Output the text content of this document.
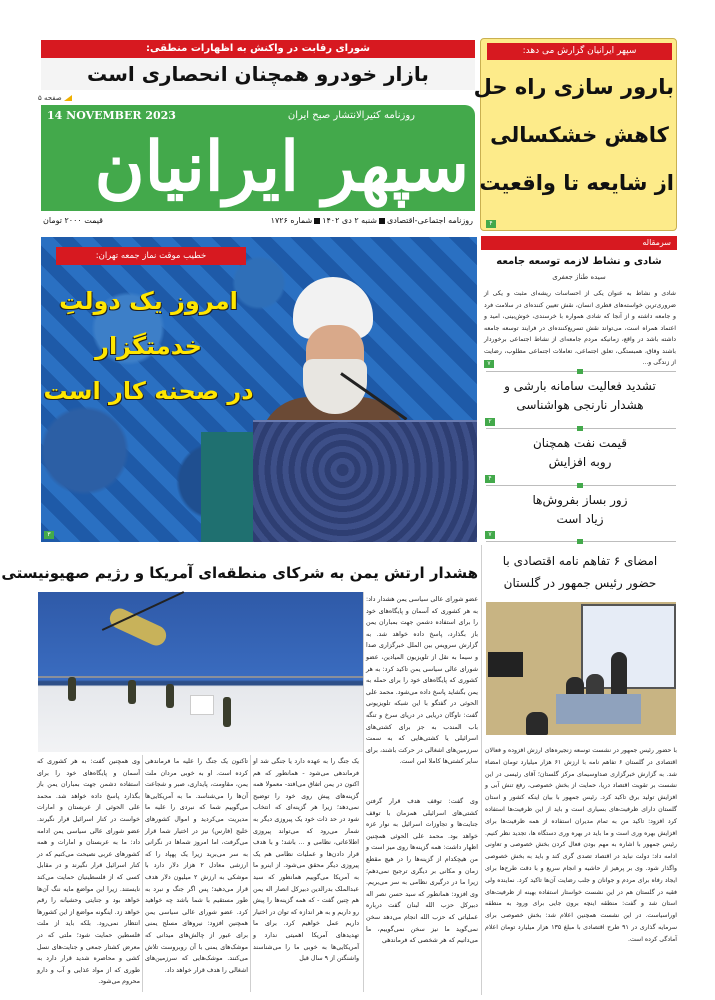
شورای رقابت در واکنش به اظهارات منطقی:
بازار خودرو همچنان انحصاری است
صفحه ۵
14 NOVEMBER 2023	روزنامه کثیرالانتشار صبح ایران
سپهر ایرانیان
روزنامه اجتماعی-اقتصادیشنبه ۲ دی ۱۴۰۲شماره ۱۷۲۶
قیمت ۲۰۰۰ تومان
سپهر ایرانیان گزارش می دهد:
بارور سازی راه حل
کاهش خشکسالی
از شایعه تا واقعیت
۴
سرمقاله
شادی و نشاط لازمه توسعه جامعه
سیده طناز جعفری
شادی و نشاط به عنوان یکی از احساسات ریشه‌ای مثبت و یکی از ضروری‌ترین خواسته‌های فطری انسان، نقش تعیین کننده‌ای در سلامت فرد و جامعه داشته و از آنجا که شادی همواره با خرسندی، خوش‌بینی، امید و اعتماد همراه است، می‌تواند نقش تسریع‌کننده‌ای در فرایند توسعه جامعه داشته باشد در واقع، زمانیکه مردم جامعه‌ای از نشاط اجتماعی برخوردار باشند وفاق، همبستگی، تعلق اجتماعی، تعاملات اجتماعی مطلوب، رضایت از زندگی و...
۷
تشدید فعالیت سامانه بارشی و
هشدار نارنجی هواشناسی
۲
قیمت نفت همچنان
روبه افزایش
۴
زور بساز بفروش‌ها
زیاد است
۷
خطیب موقت نماز جمعه تهران:
امروز یک دولتِ
خدمتگزار
در صحنه کار است
۳
هشدار ارتش یمن به شرکای منطقه‌ای آمریکا و رژیم صهیونیستی
عضو شورای عالی سیاسی یمن هشدار داد: به هر کشوری که آسمان و پایگاه‌های خود را برای استفاده دشمن جهت بمباران یمن باز بگذارد، پاسخ داده خواهد شد. به گزارش سرویس بین الملل خبرگزاری صدا و سیما به نقل از تلویزیون المیادین، عضو شورای عالی سیاسی یمن تاکید کرد: به هر کشوری که پایگاه‌های خود را برای حمله به یمن بگشاید پاسخ داده می‌شود. محمد علی الحوثی در گفتگو با این شبکه تلویزیونی گفت: ناوگان دریایی در دریای سرخ و تنگه باب المندب به جز برای کشتی‌های اسرائیلی یا کشتی‌هایی که به سمت سرزمین‌های اشغالی در حرکت باشند، برای سایر کشتی‌ها کاملا امن است.
وی گفت: توقف هدف قرار گرفتن کشتی‌های اسرائیلی همزمان با توقف جنایت‌ها و تجاوزات اسرائیل به نوار غزه خواهد بود. محمد علی الحوثی همچنین اظهار داشت: همه گزینه‌ها روی میز است و من هیچکدام از گزینه‌ها را در هیچ مقطع زمان و مکانی بر دیگری ترجیح نمی‌دهم؛ زیرا ما در درگیری نظامی به سر می‌بریم. وی افزود: همانطور که سید حسن نصر اله دبیرکل حزب الله لبنان گفت درباره عملیاتی که حزب الله انجام می‌دهد سخن نمی‌گوید ما نیز سخن نمی‌گوییم، ما می‌دانیم که هر شخصی که فرماندهی
یک جنگ را به عهده دارد یا جنگی شد او فرماندهی می‌شود - همانطور که هم اکنون در یمن اتفاق می‌افتد- معمولا همه گزینه‌های پیش روی خود را توضیح نمی‌دهد؛ زیرا هر گزینه‌ای که انتخاب شود در حد ذات خود یک پیروزی دیگر به شمار می‌رود که می‌تواند پیروزی اطلاعاتی، نظامی و ... باشد؛ و با هدف قرار دادن‌ها و عملیات نظامی هم یک پیروزی دیگر محقق می‌شود. از اینرو ما به آمریکا می‌گوییم همانطور که سید عبدالملک بدرالدین دبیرکل انصار اله یمن هم چنین گفت - که همه گزینه‌ها را پیش رو داریم و به هر اندازه که توان در اختیار داریم عمل خواهیم کرد. برای ما تهدیدهای آمریکا اهمیتی ندارد و آمریکایی‌ها به خوبی ما را می‌شناسند واشنگتن از ۹ سال قبل
تاکنون یک جنگ را علیه ما فرماندهی کرده است. او به خوبی مردان ملت یمن، مقاومت، پایداری، صبر و شجاعت آن‌ها را می‌شناسد. ما به آمریکایی‌ها می‌گوییم شما که نبردی را علیه ما مدیریت می‌کردید و اموال کشورهای خلیج (فارس) نیز در اختیار شما قرار می‌گرفت، اما امروز شماها در نگرانی به سر می‌برید زیرا یک پهپاد را که ارزشی معادل ۲ هزار دلار دارد با موشکی به ارزش ۲ میلیون دلار هدف قرار می‌دهید؛ پس اگر جنگ و نبرد به طور مستقیم با شما باشد چه خواهید کرد. عضو شورای عالی سیاسی یمن همچنین افزود: نیروهای مسلح یمنی برای عبور از چالش‌های میدانی که موشک‌های یمنی با آن روبروست تلاش می‌کنند. موشک‌هایی که سرزمین‌های اشغالی را هدف قرار خواهد داد.
وی همچنین گفت: به هر کشوری که آسمان و پایگاه‌های خود را برای استفاده دشمن جهت بمباران یمن باز بگذارد پاسخ داده خواهد شد. محمد علی الحوثی از عربستان و امارات خواست در کنار اسرائیل قرار نگیرند. عضو شورای عالی سیاسی یمن ادامه داد: ما به عربستان و امارات و همه کشورهای عربی نصیحت می‌کنیم که در کنار اسرائیل قرار نگیرند و در مقابل کسی که از فلسطینیان حمایت می‌کند نایستند. زیرا این مواضع مایه ننگ آن‌ها خواهد بود و جنایتی وحشیانه را رقم خواهد زد. اینگونه مواضع از این کشورها انتظار نمی‌رود. بلکه باید از ملت فلسطین حمایت شود؛ ملتی که در معرض کشتار جمعی و جنایت‌های نسل کشی و محاصره شدید قرار دارد به طوری که از مواد غذایی و آب و دارو محروم می‌شود.
امضای ۶ تفاهم نامه اقتصادی با
حضور رئیس جمهور در گلستان
با حضور رئیس جمهور در نشست توسعه زنجیره‌های ارزش افزوده و فعالان اقتصادی در گلستان ۶ تفاهم نامه با ارزش ۶۱ هزار میلیارد تومان امضاء شد. به گزارش خبرگزاری صداوسیمای مرکز گلستان؛ آقای رئیسی در این نشست بر تقویت اقتصاد دریا، حمایت از بخش خصوصی، رفع تنش آبی و افزایش تولید برق تاکید کرد. رئیس جمهور با بیان اینکه کشور و استان گلستان دارای ظرفیت‌های بسیاری است و باید از این ظرفیت‌ها استفاده کرد افزود: تاکید من به تمام مدیران استفاده از همه ظرفیت‌ها برای افزایش بهره وری است و ما باید در بهره وری دستگاه ها، تجدید نظر کنیم. رئیس جمهور با اشاره به مهم بودن فعال کردن بخش خصوصی و تعاونی ادامه داد: دولت نباید در اقتصاد تصدی گری کند و باید به بخش خصوصی واگذار شود. وی بر پرهیز از حاشیه و انجام سریع و با دقت طرح‌ها برای ایجاد رفاه برای مردم و جوانان و جلب رضایت آن‌ها تاکید کرد. نماینده ولی فقیه در گلستان هم در این نشست خواستار استفاده بهینه از ظرفیت‌های استان شد و گفت: منطقه اینچه برون جایی برای ورود به منطقه اوراسیاست. در این نشست همچنین اعلام شد: بخش خصوصی برای سرمایه گذاری در ۹۱ طرح اقتصادی با مبلغ ۱۳۵ هزار میلیارد تومان اعلام آمادگی کرده است.
